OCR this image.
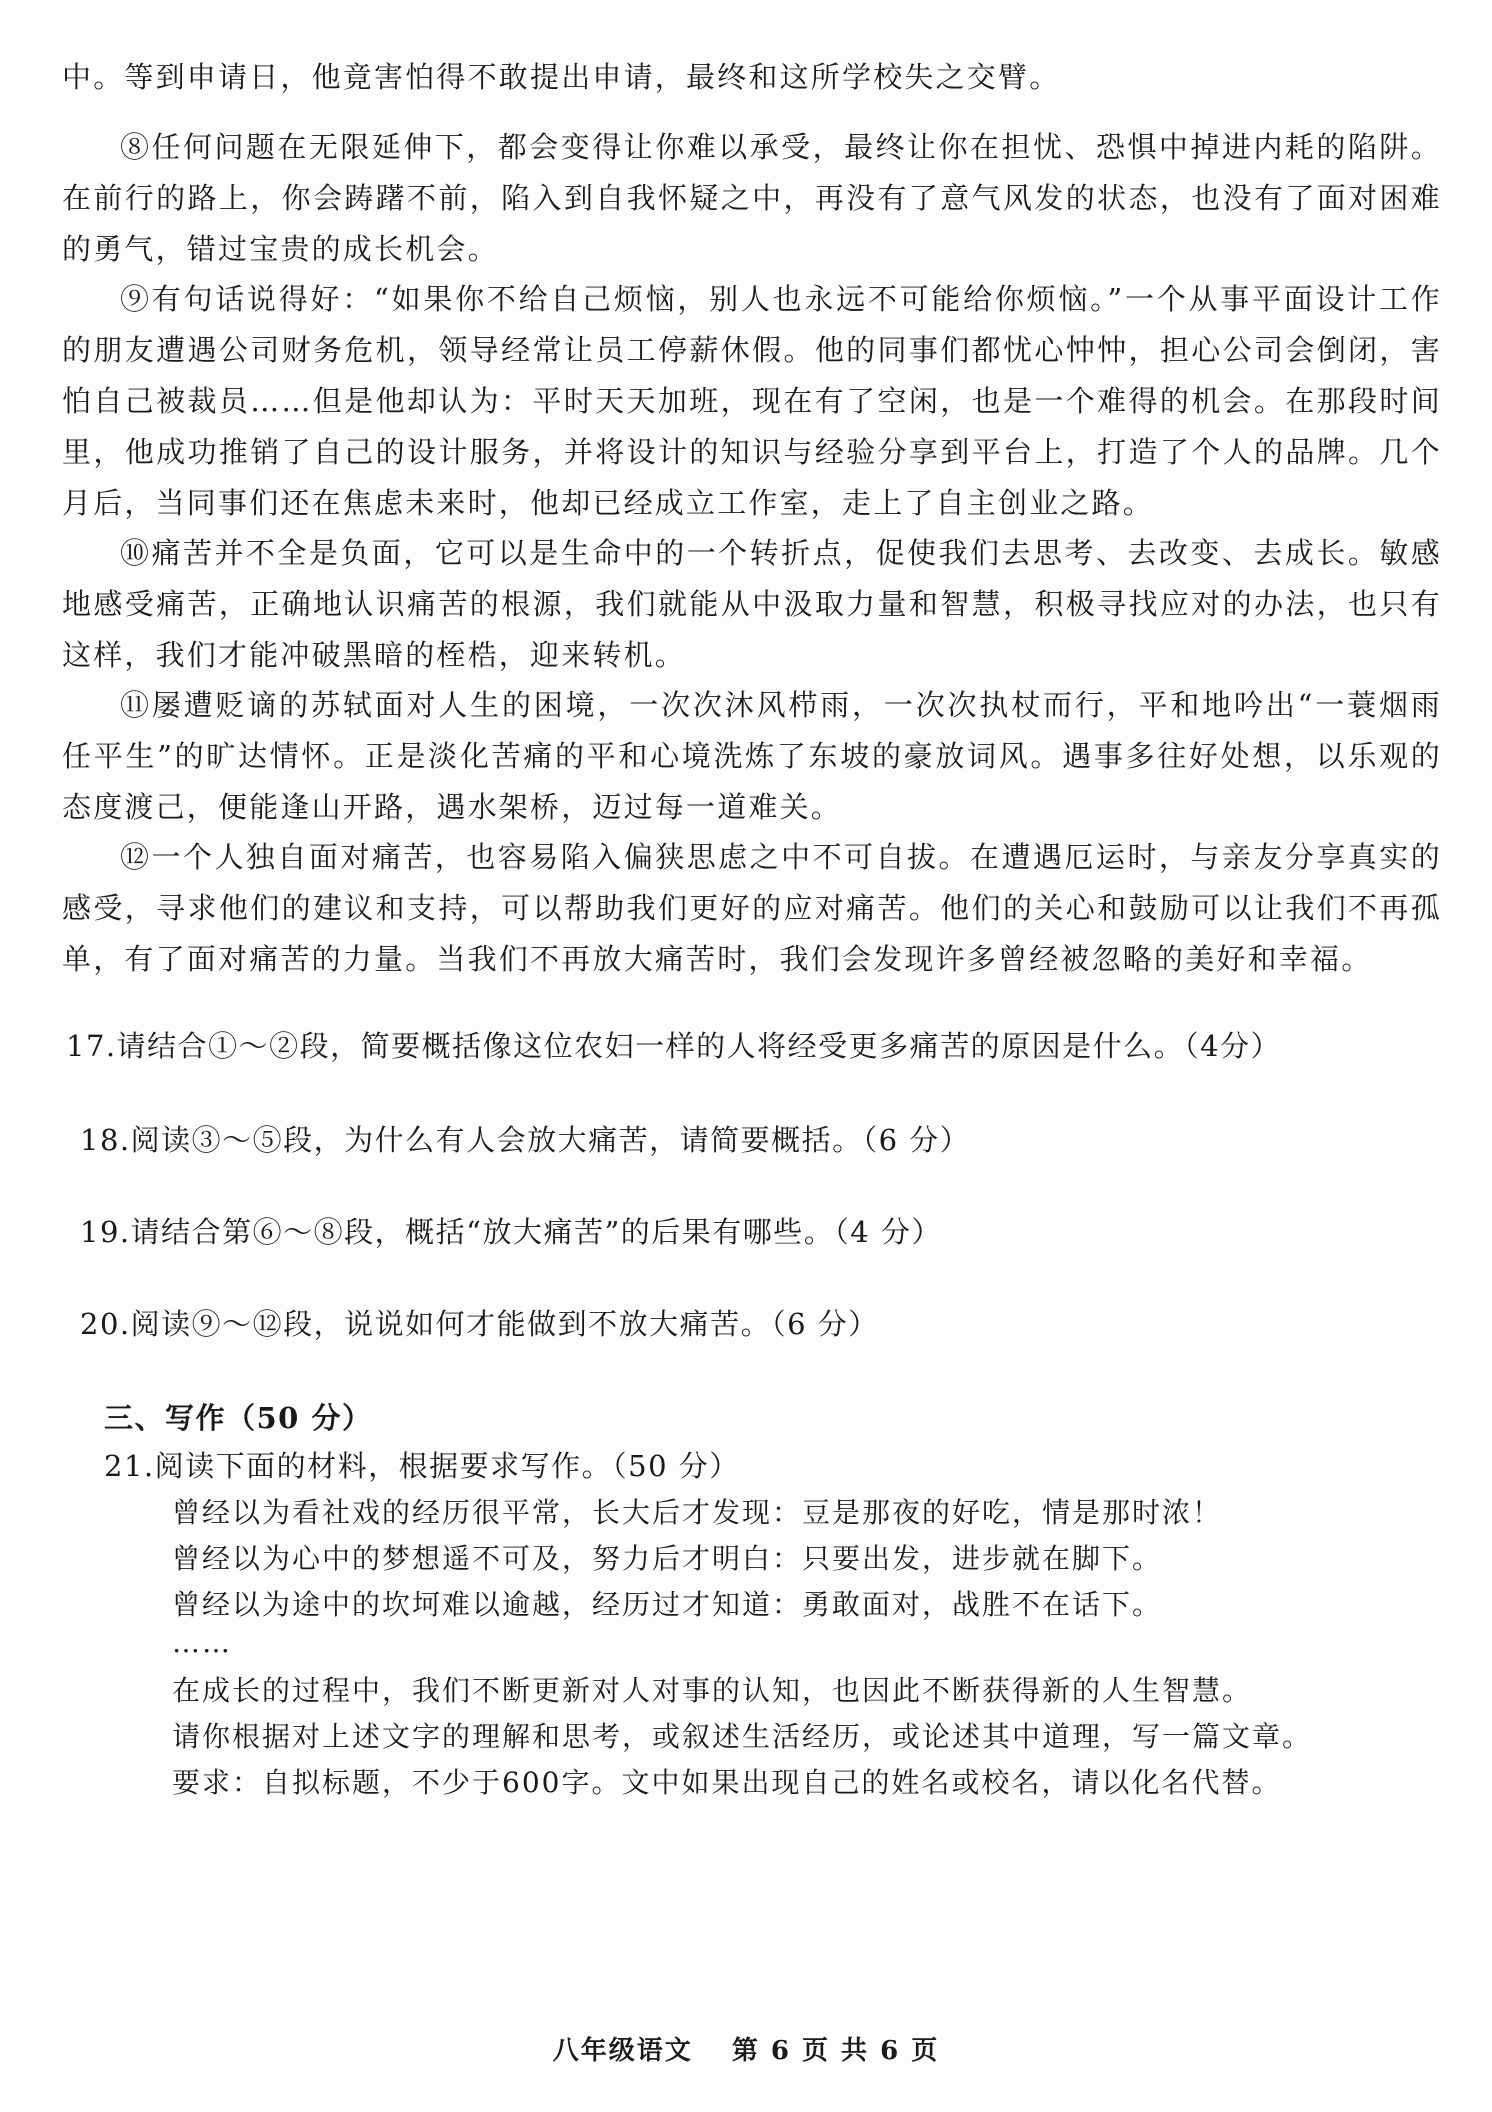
中。等到申请日，他竟害怕得不敢提出申请，最终和这所学校失之交臂。

⑧任何问题在无限延伸下，都会变得让你难以承受，最终让你在担忧、恐惧中掉进内耗的陷阱。在前行的路上，你会踌躇不前，陷入到自我怀疑之中，再没有了意气风发的状态，也没有了面对困难的勇气，错过宝贵的成长机会。

⑨有句话说得好：“如果你不给自己烦恼，别人也永远不可能给你烦恼。”一个从事平面设计工作的朋友遭遇公司财务危机，领导经常让员工停薪休假。他的同事们都忧心忡忡，担心公司会倒闭，害怕自己被裁员……但是他却认为：平时天天加班，现在有了空闲，也是一个难得的机会。在那段时间里，他成功推销了自己的设计服务，并将设计的知识与经验分享到平台上，打造了个人的品牌。几个月后，当同事们还在焦虑未来时，他却已经成立工作室，走上了自主创业之路。

⑩痛苦并不全是负面，它可以是生命中的一个转折点，促使我们去思考、去改变、去成长。敏感地感受痛苦，正确地认识痛苦的根源，我们就能从中汲取力量和智慧，积极寻找应对的办法，也只有这样，我们才能冲破黑暗的桎梏，迎来转机。

⑪屡遭贬谪的苏轼面对人生的困境，一次次沐风栉雨，一次次执杖而行，平和地吟出“一蓑烟雨任平生”的旷达情怀。正是淡化苦痛的平和心境洗炼了东坡的豪放词风。遇事多往好处想，以乐观的态度渡己，便能逢山开路，遇水架桥，迈过每一道难关。

⑫一个人独自面对痛苦，也容易陷入偏狭思虑之中不可自拔。在遭遇厄运时，与亲友分享真实的感受，寻求他们的建议和支持，可以帮助我们更好的应对痛苦。他们的关心和鼓励可以让我们不再孤单，有了面对痛苦的力量。当我们不再放大痛苦时，我们会发现许多曾经被忽略的美好和幸福。

17.请结合①～②段，简要概括像这位农妇一样的人将经受更多痛苦的原因是什么。（4分）

18.阅读③～⑤段，为什么有人会放大痛苦，请简要概括。（6 分）

19.请结合第⑥～⑧段，概括“放大痛苦”的后果有哪些。（4 分）

20.阅读⑨～⑫段，说说如何才能做到不放大痛苦。（6 分）

三、写作（50 分）

21.阅读下面的材料，根据要求写作。（50 分）

曾经以为看社戏的经历很平常，长大后才发现：豆是那夜的好吃，情是那时浓！

曾经以为心中的梦想遥不可及，努力后才明白：只要出发，进步就在脚下。

曾经以为途中的坎坷难以逾越，经历过才知道：勇敢面对，战胜不在话下。

……

在成长的过程中，我们不断更新对人对事的认知，也因此不断获得新的人生智慧。

请你根据对上述文字的理解和思考，或叙述生活经历，或论述其中道理，写一篇文章。

要求：自拟标题，不少于600字。文中如果出现自己的姓名或校名，请以化名代替。

八年级语文 第 6 页 共 6 页
